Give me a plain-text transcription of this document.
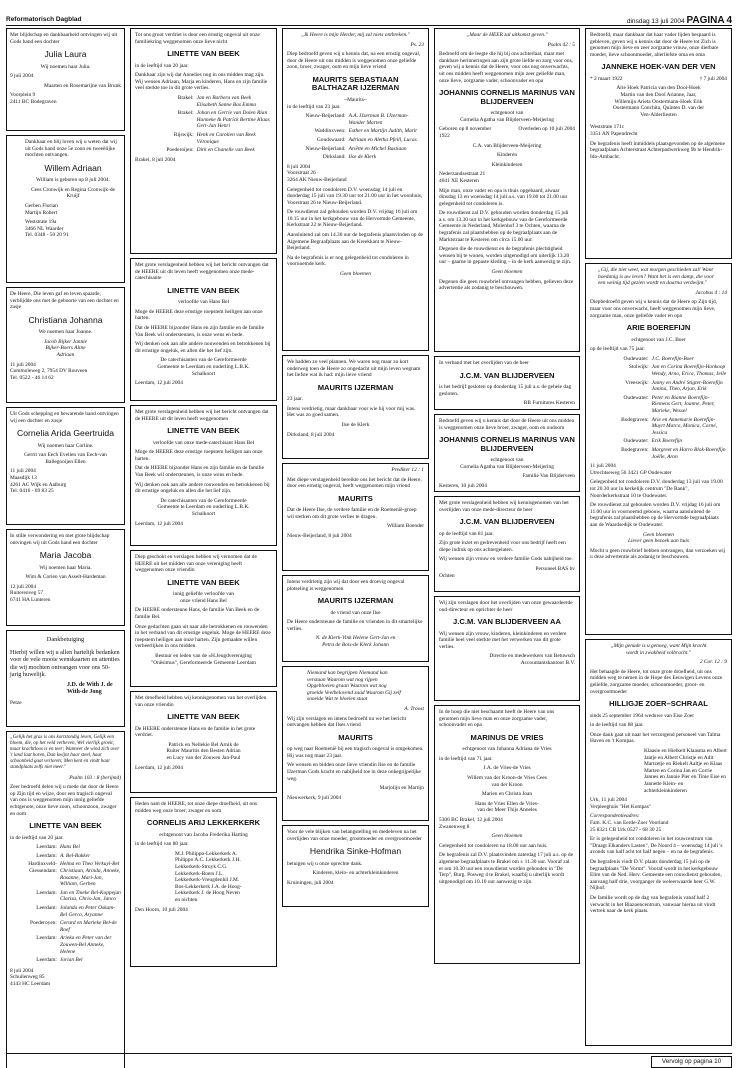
Reformatorisch Dagblad	dinsdag 13 juli 2004 PAGINA 4

Met blijdschap en dankbaarheid ontvingen wij uit Gods hand een dochter

Julia Laura

Wij noemen haar Julia.

9 juli 2004

Maarten en Rosemarijne van Brunk

Voorplein 9
2411 BC Bodegraven

Dankbaar en blij loven wij u weten dat wij uit Gods hand onze 5e zoon en tweeëlijke mochten ontvangen.

Willem Adriaan

William is geboren op 8 juli 2004.

Cees Cronwijk en Regina Cronwijk-de Kruijf

Gerben Florian Martijn Robert

Weststrate 19a
3466 NL Waarder
Tel. 0348 - 50 20 91

De Heere, Die leven gaf en leven spaarde, verblijdde ons met de geboorte van een dochter en zusje

Christiana Johanna

We noemen haar Joanne.

Jacob Bijker Jannie Bijker-Boers Aline Adriaan

11 juli 2004
Commoleweg 2, 7954 DV Rouveen
Tel. 0522 - 46 14 62

Uit Gods schepping en bewarende hand ontvingen wij een dochter en zusje

Cornelia Arida Geertruida

Wij noemen haar Corline.

Gerrit van Eech Evelien van Eech-van Ballegooijen Ellen

11 juli 2004
Maasdijk 13
4261 AC Wijk en Aalburg
Tel. 0416 - 69 83 25

In stille verwondering en met grote blijdschap ontvingen wij uit Gods hand een dochter

Maria Jacoba

Wij noemen haar Maria.

Wim & Corien van Asselt-Hardeman

12 juli 2004
Ruiterenveg 57
6741 HA Lunteren
Dankbetuiging

Hierbij willen wij u allen hartelijk bedanken voor de vele mooie wenskaarten en attenties die wij mochten ontvangen voor ons 50-jarig huwelijk.

J.D. de With J. de With-de Jong

Petze

„Gelijk het gras is ons kortstondig leven, Gelijk een bloem, die, op het veld verheven, Wel vierlijk groeit, maar krachtloos is en teer; Wanneer de wind zich over 't land laat horen, Dan kwijnt haar steel, haar schoonheid gaat verloren; Men kent en vindt haar standplaats zelfs niet meer."

Psalm 103 : 8 (berijmd)

Zeer bedroefd delen wij u mede dat door de Heere op Zijn tijd en wijze, door een tragisch ongeval van ons is weggenomen mijn innig geliefde echtgenote, onze lieve zoon, schoonzoon, zwager en oom

LINETTE VAN BEEK

in de leeftijd van 20 jaar.

Leerdam: Hans Bel
Leerdam: A. Bel-Bakker
Hardinxveld-Giessendam:
Helma en Theo Verkuyl-Bel Christiaan, Arinda, Anneke, Rosanne, Mari-Jan, William, Gerben
Leerdam: Jan en Tineke Bel-Koppejan Clarisa, Chris-Jan, Janco
Leerdam: Jolanda en Peter Oskam-Bel Gerco, Aryanne
Poederoyen: Gerard en Marieke Bel-de Roef
Leerdam: Arieka en Peter van der Zouwen-Bel Anneke, Helene
Leerdam: Jorian Bel
8 juli 2004
Schuilenweg 85
4143 HC Leerdam

Tot ons groot verdriet is door een ernstig ongeval uit onze familiekring weggenomen onze lieve nicht

LINETTE VAN BEEK

in de leeftijd van 20 jaar.

Dankbaar zijn wij dat Annelies nog in ons midden mag zijn. Wij wensen Adriaan, Marja en kinderen, Hans en zijn familie veel sterkte toe in dit grote verlies.

Brakel: Jan en Barbera van Beek Elisabeth Sanne Bas Emma
Brakel: Johan en Gerrie van Dolen Rian Hanneke & Patrick Bertine Klaas Gert-Jan Henri
Rijswijk: Henk en Carolien van Beek Véronique
Poederoijen: Dirk en Chanelle van Beek
Brakel, 8 juli 2004

Met grote verslagenheid hebben wij het bericht ontvangen dat de HEERE uit dit leven heeft weggenomen onze mede-catechisante

LINETTE VAN BEEK

verloofde van Hans Bel

Moge de HEERE deze ernstige roepstem heiligen aan onze harten.

Dat de HEERE bijzonder Hans en zijn familie en de familie Van Beek wil ondersteunen, is onze wens en bede.

Wij denken ook aan alle andere nouwenden en betrokkenen bij dit ernstige ongeluk, en allen die het lief zijn.

De catechisanten van de Gereformeerde Gemeente te Leerdam en ouderling L.B.K. Schalkoort

Leerdam, 12 juli 2004

Met grote verslagenheid hebben wij het bericht ontvangen dat de HEERE uit dit leven heeft weggenomen

LINETTE VAN BEEK

verloofde van onze mede-catechisant Hans Bel

Moge de HEERE deze ernstige roepstem heiligen aan onze harten.

Dat de HEERE bijzonder Hans en zijn familie en de familie Van Beek wil ondersteunen, is onze wens en bede.

Wij denken ook aan alle andere rouwenden en betrokkenen bij dit ernstige ongeluk en allen die het lief zijn.

De catechisanten van de Gereformeerde Gemeente te Leerdam en ouderling L.B.K. Schalkoort

Leerdam, 12 juli 2004

Diep geschokt en verslagen hebben wij vernomen dat de HEERE uit het midden van onze vereniging heeft weggenomen onze vriendin

LINETTE VAN BEEK
innig geliefde verloofde van

onze vriend Hans Bel

De HEERE ondersteune Hans, de familie Van Beek en de familie Bel.

Onze gedachten gaan uit naar alle betrokkenen en rouwenden in het verband van dit ernstige ongeluk. Moge de HEERE deze roepstem heiligen aan onze harten. Zijn gemaakte willen verheerlijken in ons midden.

Bestuur en leden van de «H.Jeugdvereniging "Onësimus", Gereformeerde Gemeente Leerdam

Met droefheid hebben wij kennisgenomen van het overlijden van onze vriendin

LINETTE VAN BEEK

De HEERE ondersteune Hans en de familie in het grote verdriet.

Patrick en Nellekie Bel Arnik de Ruiter Mauritis den Besten Adrian en Lucy van der Zouwen Jan-Paul

Leerdam, 12 juli 2004

Heden nam de HEERE, tot onze diepe droefheid, uit ons midden weg onze broer, zwager en oom

CORNELIS ARIJ LEKKERKERK

echtgenoot van Jacoba Frederika Harting

in de leeftijd van 80 jaar.

M.J. Philippo-Lekkerkerk A. Philippo A.C. Lekkerkerk J.H. Lekkerkerk-Struyk C.G. Lekkerkerk-Boers J.L. Lekkerkerk-Vreugdenhil J.M. Bos-Lekkerkerk J.A. de Hoog-Lekkerkerk J. de Hoog Neven en nichten

Den Hoorn, 10 juli 2004

„Ik Heere is mijn Herder, mij zal niets ontbreken."

Ps. 23

Diep bedroefd geven wij u kennis dat, na een ernstig ongeval, door de Heere uit ons midden is weggenomen onze geliefde zoon, broer, zwager, oom en mijn lieve vriend

MAURITS SEBASTIAAN BALTHAZAR IJZERMAN
~Maurits~

in de leeftijd van 23 jaar.

Nieuw-Beijerland: A.A. IJzerman B. IJzerman-Wander Marten
Waddinxveen: Esther en Martijn Judith, Marit
Goudswaard: Adriaan en Aletha Pfeill, Lucas
Nieuw-Beijerland: Ariëtte en Michel Bastiaan
Dirksland: Ilse de Klerk
8 juli 2004
Voorstraat 26

3264 AK Nieuw-Beijerland

Gelegenheid tot condoleren D.V. woensdag 14 juli en donderdag 15 juli van 19.30 uur tot 21.00 uur in het woonhuis, Voorstraat 26 te Nieuw-Beijerland.

De rouwdienst zal gehouden worden D.V. vrijdag 16 juli om 10.15 uur in het kerkgebouw van de Hervormde Gemeente, Kerkstraat 22 te Nieuw-Beijerland.

Aansluitend zal om 14.30 uur de begrafenis plaatsvinden op de Algemene Begraafplaats aan de Kreekkant te Nieuw-Beijerland.

Na de begrafenis is er nog gelegenheid tot condoleren in voornoemde kerk.

Geen bloemen

We hadden zo veel plannen. We waren nog maar zo kort onderweg toen de Heere zo ongedacht uit mijn leven wegnam het liefste wat ik had: mijn lieve vriend

MAURITS IJZERMAN

23 jaar.

Intens verdrietig, maar dankbaar voor wie hij voor mij was. Het was zo goed samen.

Ilse de Klerk

Dirksland, 8 juli 2004

Prediker 12 : 1

Met diepe verslagenheid bereikte ons het bericht dat de Heere, door een ernstig ongeval, heeft weggenomen mijn vriend

MAURITS

Dat de Heere Ilse, de verdere familie en de Roemenië-groep wil sterken om dit grote verlies te dragen.

William Boender

Nieuw-Beijerland, 8 juli 2004

Intens verdrietig zijn wij dat door een droevig ongeval plotseling is weggenomen

MAURITS IJZERMAN

de vriend van onze Ilse

De Heere ondersteune de familie en vrienden in dit smartelijke verlies.

N. de Klerk-Vink Helene Gert-Jan en Petra de Bois-de Klerk Johann

Niemand kan begrijpen Niemand kan verstaan Waarom wat nog rijpen Opgebloeien graan Waarom wat nog groeide Veelbelovend zaad Waarom Gij zelf snoeide Wat te bloeien staat

A. Troost

Wij zijn verslagen en intens bedroefd nu we het bericht ontvangen hebben dat Ilses vriend

MAURITS

op weg naar Roemenië bij een tragisch ongeval is omgekomen. Hij was nog maar 23 jaar.

We wensen en bidden onze lieve vriendin Ilse en de familie IJzerman Gods kracht en nabijheid toe in deze onbegrijpelijke weg.

Marjolijn en Martijn

Nieuwerkerk, 9 juli 2004

Voor de vele blijken van belangstelling en medeleven na het overlijden van onze moeder, grootmoeder en overgrootmoeder

Hendrika Sinke-Hofman

betuigen wij u onze oprechte dank.

Kinderen, klein- en achterkleinkinderen

Kruiningen, juli 2004

„Maar de HEER zal uitkomst geven."

Psalm 42 : 5

Bedroefd om de leegte die hij bij ons achterlaat, maar met dankbare herinneringen aan zijn grote liefde en zorg voor ons, geven wij u kennis dat de Heere, voor ons nog onverwachts, uit ons midden heeft weggenomen mijn zeer geliefde man, onze lieve, zorgzame vader, schoonvader en opa

JOHANNIS CORNELIS MARINUS VAN BLIJDERVEEN
echtgenoot van

Cornelia Agatha van Blijderveen-Meijering

Geboren op 8 november 1922
Overleden op 10 juli 2004

C.A. van Blijderveen-Meijering

Kinderen

Kleinkinderen

Nederzandsestraat 21

4041 XE Kesteren

Mijn man, onze vader en opa is thuis opgebaard, alwaar dinsdag 13 en woensdag 14 juli a.s. van 19.00 tot 21.00 uur gelegenheid tot condoleren is.

De rouwdienst zal D.V. gehouden worden donderdag 15 juli a.s. om 13.30 uur in het kerkgebouw van de Gereformeerde Gemeente in Nederland, Molenhof 3 te Ochten, waarna de begrafenis zal plaatshebben op de begraafplaats aan de Marktstraat te Kesteren om circa 15.00 uur.

Degenen die de rouwdienst en de begrafenis plechtigheid wensen bij te wonen, worden uitgenodigd om uiterlijk 13.20 uur – gaarne in gepaste kleding – in de kerk aanwezig te zijn.

Geen bloemen

Degenen die geen rouwbrief ontvangen hebben, gelieven deze advertentie als zodanig te beschouwen.

In verband met het overlijden van de heer

J.C.M. VAN BLIJDERVEEN

is het bedrijf gesloten op donderdag 15 juli a.s. de gehele dag gesloten.

BB Furnitures Kesteren

Bedroefd geven wij u kennis dat door de Heere uit ons midden is weggenomen onze lieve broer, zwager, oom en oudoom

JOHANNIS CORNELIS MARINUS VAN BLIJDERVEEN
echtgenoot van

Cornelia Agatha van Blijderveen-Meijering

Familie Van Blijderveen

Kesteren, 10 juli 2004

Met grote verslagenheid hebben wij kennisgenomen van het overlijden van onze mede-directeur de heer

J.C.M. VAN BLIJDERVEEN

op de leeftijd van 81 jaar.

Zijn grote inzet en gedrevenheid voor ons bedrijf heeft een diepe indruk op ons achtergelaten.

Wij wensen zijn vrouw en verdere familie Gods nabijheid toe.

Personeel BAS bv
Ochten

Wij zijn verslagen door het overlijden van onze gewaardeerde oud-directeur en oprichter de heer

J.C.M. VAN BLIJDERVEEN AA

Wij wensen zijn vrouw, kinderen, kleinkinderen en verdere familie heel veel sterkte met het verwerken van dit grote verlies.

Directie en medewerkers van Betuwsch Accountantskantoor B.V.

In de hoop die niet beschaamt heeft de Heere van ons genomen mijn lieve man en onze zorgzame vader, schoonvader en opa

MARINUS DE VRIES

echtgenoot van Johanna Adriana de Vries

in de leeftijd van 71 jaar.

J.A. de Vries-de Vries

Willem van der Kroon-de Vries Cees van der Kroon

Marien en Christa Joan

Hans de Vries Ellen de Vries-van der Meer Thijs Anneles

5306 BC Brakel, 12 juli 2004

Zwanenweg 8

Geen bloemen

Gelegenheid tot condoleren na 18.00 uur aan huis.

De begrafenis zal D.V. plaatsvinden zaterdag 17 juli a.s. op de algemene begraafplaats te Brakel om ± 11.30 uur. Vooraf zal er om 10.30 uur een rouwdienst worden gehouden in "De Terp", Burg. Posweg 4 te Brakel, waarbij u uiterlijk wordt uitgenodigd om 10.10 uur aanwezig te zijn.

Bedroefd, maar dankbaar dat haar vader lijden bespaard is gebleven, geven wij u kennis dat door de Heere tot Zich is genomen mijn lieve en zeer zorgzame vrouw, onze dierbare moeder, lieve schoonmoeder, allerliefste oma en oma

JANNEKE HOEK-VAN DER VEN
* 2 maart 1922	† 7 juli 2004

Arie Hoek Patricia van den Dool-Hoek Martin van den Dool Arianne, Jaar, Willemijn Arieta Oostermann-Hoek Erik Oostermann Conchita, Quinten D. van der Ven-Alderliesten

Weststrate 171c

3351 AN Papendrecht

De begrafenis heeft inmiddels plaatsgevonden op de algemene begraafplaats Achterstraat Achterpadwerkweg 9b te Hendrik-Ido-Ambacht.

„Gij, die niet weet, wat morgen geschieden zal! Want hoedanig is uw leven? Want het is een damp, die voor een weinig tijd gezien wordt en daarna verdwijnt."

Jacobus 4 : 14

Diepbedroefd geven wij u kennis dat de Heere op Zijn tijd, maar voor ons onverwacht, heeft weggenomen mijn lieve, zorgzame man, onze geliefde vader en opa

ARIE BOEREFIJN

echtgenoot van J.C. Boer

op de leeftijd van 75 jaar.

Oudewater: J.C. Boerefijn-Boer
Stolwijk: Jan en Corina Boerefijn-Honkoop Wendy, Arno, Erica, Thomas, Jelle
Vreeswijk: Janny en André Stigter-Boerefijn Janina, Theo, Arjan, Erik
Oudewater: Peter en Bianne Boerefijn-Riemens Gert, Joanne, Peter, Marieke, Wessel
Bodegraven: Arie en Annemarie Boerefijn-Muyrt Marco, Monica, Corné, Jessica
Oudewater: Erik Boerefijn
Bodegraven: Margreet en Harro Blok-Boerefijn Joëlle, Aron
11 juli 2004

Utrechtseweg 56 3421 GP Oudewater

Gelegenheid tot condoleren D.V. donderdag 13 juli van 19.00 tot 20.30 uur in kerkelijk centrum "De Rank", Noorderkerkstraat 10 te Oudewater.

De rouwdienst zal gehouden worden D.V. vrijdag 16 juli om 11.00 uur in voornoemd gebouw, waarna aansluitend de begrafenis zal plaatshebben op de Hervormde begraafplaats aan de Waardsedijk te Oudewater.

Geen bloemen

Liever geen bezoek aan huis

Mocht u geen rouwbrief hebben ontvangen, dan verzoeken wij u deze advertentie als zodanig te beschouwen.

„Mijn genade is u genoeg, want Mijn kracht wordt in zwakheid volbracht."

2 Cor. 12 : 9

Het behaagde de Heere, tot onze grote droefheid, uit ons midden weg te nemen in de Hope des Eeuwigen Levens onze geliefde, zorgzame moeder, schoonmoeder, groot- en overgrootmoeder

HILLIGJE ZOER–SCHRAAL

sinds 25 september 1964 weduwe van Eise Zoer

in de leeftijd van 88 jaar.

Onze dank gaat uit naar het verzorgend personeel van Talma Haven en 't Kompas.

Klaasie en Hielkelt Klaasma en Albert Jantje en Albert Christje en Adit Martzetje en Riekelt Aaltje en Klaas Marten en Corina Jan en Corrie Jannes en Jannie Pier en Tinie Eise en Jannette Klein- en achterkleinkinderen

Urk, 11 juli 2004

Verpleeghuis "Het Kompas"

Correspondentieadres:

Fam. K.C. van Eerde-Zoer Voorland 25 8321 CB Urk 0527 - 68 30 25

Er is gelegenheid tot condoleren in het rouwcentrum van "Draagt Elkanders Lasten", De Noord 4 – woensdag 14 juli 's avonds van half acht tot half negen – en na de begrafenis.

De begrafenis vindt D.V. plaats donderdag 15 juli op de begraafplaats "De Vormt". Vooraf wordt in het kerkgebouw Elim van de Ned. Herv. Gemeente een rouwdienst gehouden, aanvang half drie, voorganger de weleerwaarde heer G.W. Nijhof.

De familie wordt op de dag van begrafenis vanaf half 2 verwacht in het Blazoencentrum, vanwaar hierna uit vindt vertrek naar de kerk plaats.

Vervolg op pagina 10
